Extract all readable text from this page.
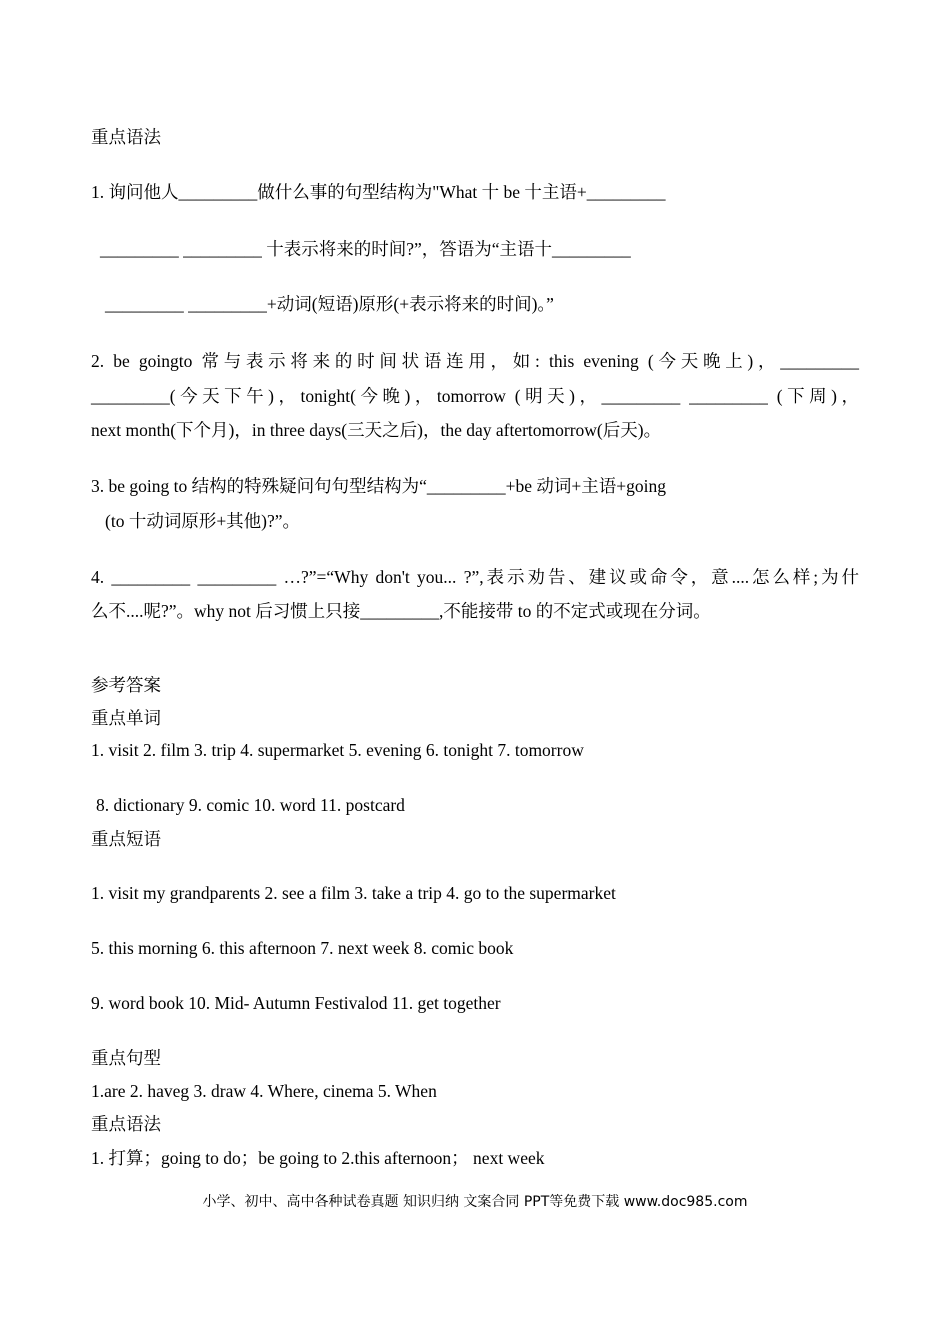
重点语法
1. 询问他人_________做什么事的句型结构为"What 十 be 十主语+_________
_________ _________ 十表示将来的时间?”，答语为“主语十_________
_________ _________+动词(短语)原形(+表示将来的时间)。”
2. be goingto 常与表示将来的时间状语连用，如: this evening (今天晚上)，_________
_________(今天下午)，tonight(今晚)，tomorrow (明天)，_________ _________ (下周)，
next month(下个月)，in three days(三天之后)，the day aftertomorrow(后天)。
3. be going to 结构的特殊疑问句句型结构为“_________+be 动词+主语+going
(to 十动词原形+其他)?”。
4. _________ _________ …?”=“Why don't you... ?”,表示劝告、建议或命令，意....怎么样;为什
么不....呢?”。why not 后习惯上只接_________,不能接带 to 的不定式或现在分词。
参考答案
重点单词
1. visit 2. film 3. trip 4. supermarket 5. evening 6. tonight 7. tomorrow
8. dictionary 9. comic 10. word 11. postcard
重点短语
1. visit my grandparents 2. see a film 3. take a trip 4. go to the supermarket
5. this morning 6. this afternoon 7. next week 8. comic book
9. word book 10. Mid- Autumn Festivalod 11. get together
重点句型
1.are 2. haveg 3. draw 4. Where, cinema 5. When
重点语法
1. 打算；going to do；be going to 2.this afternoon； next week
小学、初中、高中各种试卷真题 知识归纳 文案合同 PPT等免费下载 www.doc985.com
